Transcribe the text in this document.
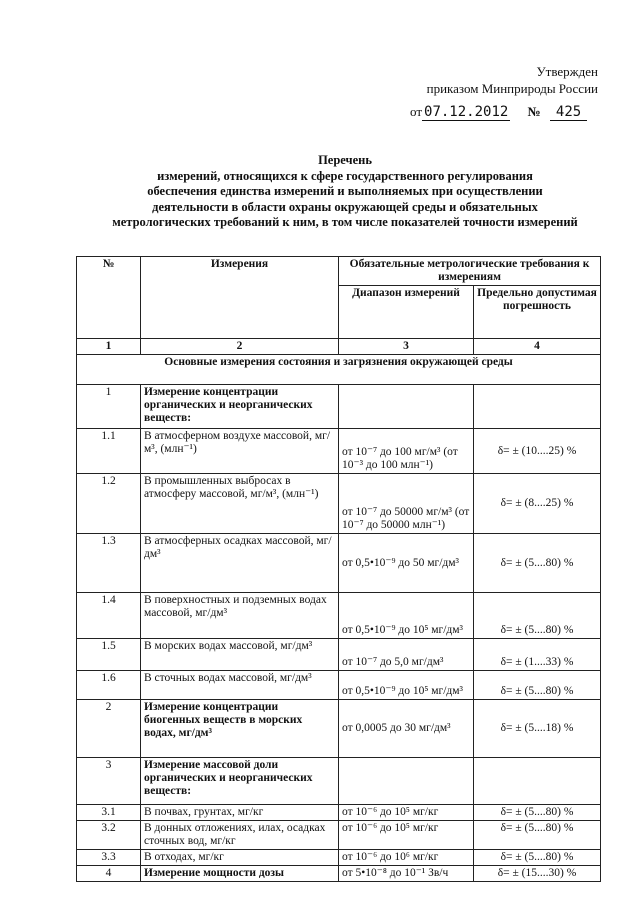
Утвержден
приказом Минприроды России
от 07.12.2012 № 425
Перечень
измерений, относящихся к сфере государственного регулирования
обеспечения единства измерений и выполняемых при осуществлении
деятельности в области охраны окружающей среды и обязательных
метрологических требований к ним, в том числе показателей точности измерений
№	Измерения	Обязательные метрологические требования к измерениям	
		Диапазон измерений	Предельно допустимая погрешность
1	2	3	4
Основные измерения состояния и загрязнения окружающей среды			
1	Измерение концентрации органических и неорганических веществ:		
1.1	В атмосферном воздухе массовой, мг/м³, (млн⁻¹)	от 10⁻⁷ до 100 мг/м³ (от 10⁻³ до 100 млн⁻¹)	δ= ± (10....25) %
1.2	В промышленных выбросах в атмосферу массовой, мг/м³, (млн⁻¹)	от 10⁻⁷ до 50000 мг/м³ (от 10⁻⁷ до 50000 млн⁻¹)	δ= ± (8....25) %
1.3	В атмосферных осадках массовой, мг/дм³	от 0,5•10⁻⁹ до 50 мг/дм³	δ= ± (5....80) %
1.4	В поверхностных и подземных водах массовой, мг/дм³	от 0,5•10⁻⁹ до 10⁵ мг/дм³	δ= ± (5....80) %
1.5	В морских водах массовой, мг/дм³	от 10⁻⁷ до 5,0 мг/дм³	δ= ± (1....33) %
1.6	В сточных водах массовой, мг/дм³	от 0,5•10⁻⁹ до 10⁵ мг/дм³	δ= ± (5....80) %
2	Измерение концентрации биогенных веществ в морских водах, мг/дм³	от 0,0005 до 30 мг/дм³	δ= ± (5....18) %
3	Измерение массовой доли органических и неорганических веществ:		
3.1	В почвах, грунтах, мг/кг	от 10⁻⁶ до 10⁵ мг/кг	δ= ± (5....80) %
3.2	В донных отложениях, илах, осадках сточных вод, мг/кг	от 10⁻⁶ до 10⁵ мг/кг	δ= ± (5....80) %
3.3	В отходах, мг/кг	от 10⁻⁶ до 10⁶ мг/кг	δ= ± (5....80) %
4	Измерение мощности дозы	от 5•10⁻⁸ до 10⁻¹ Зв/ч	δ= ± (15....30) %
